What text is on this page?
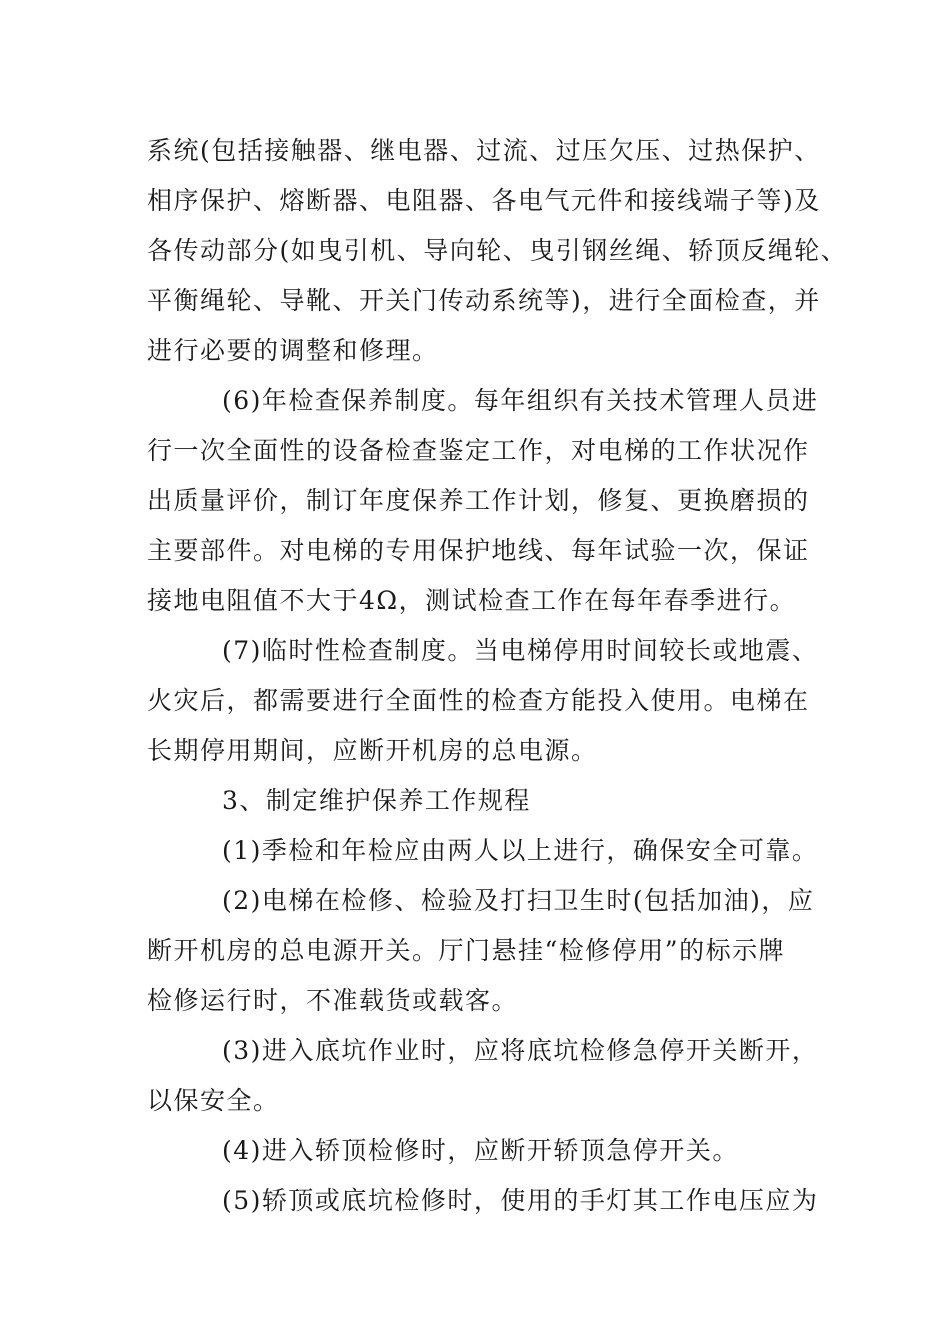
系统(包括接触器、继电器、过流、过压欠压、过热保护、
相序保护、熔断器、电阻器、各电气元件和接线端子等)及
各传动部分(如曳引机、导向轮、曳引钢丝绳、轿顶反绳轮、
平衡绳轮、导靴、开关门传动系统等)，进行全面检查，并
进行必要的调整和修理。
(6)年检查保养制度。每年组织有关技术管理人员进
行一次全面性的设备检查鉴定工作，对电梯的工作状况作
出质量评价，制订年度保养工作计划，修复、更换磨损的
主要部件。对电梯的专用保护地线、每年试验一次，保证
接地电阻值不大于4Ω，测试检查工作在每年春季进行。
(7)临时性检查制度。当电梯停用时间较长或地震、
火灾后，都需要进行全面性的检查方能投入使用。电梯在
长期停用期间，应断开机房的总电源。
3、制定维护保养工作规程
(1)季检和年检应由两人以上进行，确保安全可靠。
(2)电梯在检修、检验及打扫卫生时(包括加油)，应
断开机房的总电源开关。厅门悬挂“检修停用”的标示牌
检修运行时，不准载货或载客。
(3)进入底坑作业时，应将底坑检修急停开关断开，
以保安全。
(4)进入轿顶检修时，应断开轿顶急停开关。
(5)轿顶或底坑检修时，使用的手灯其工作电压应为
